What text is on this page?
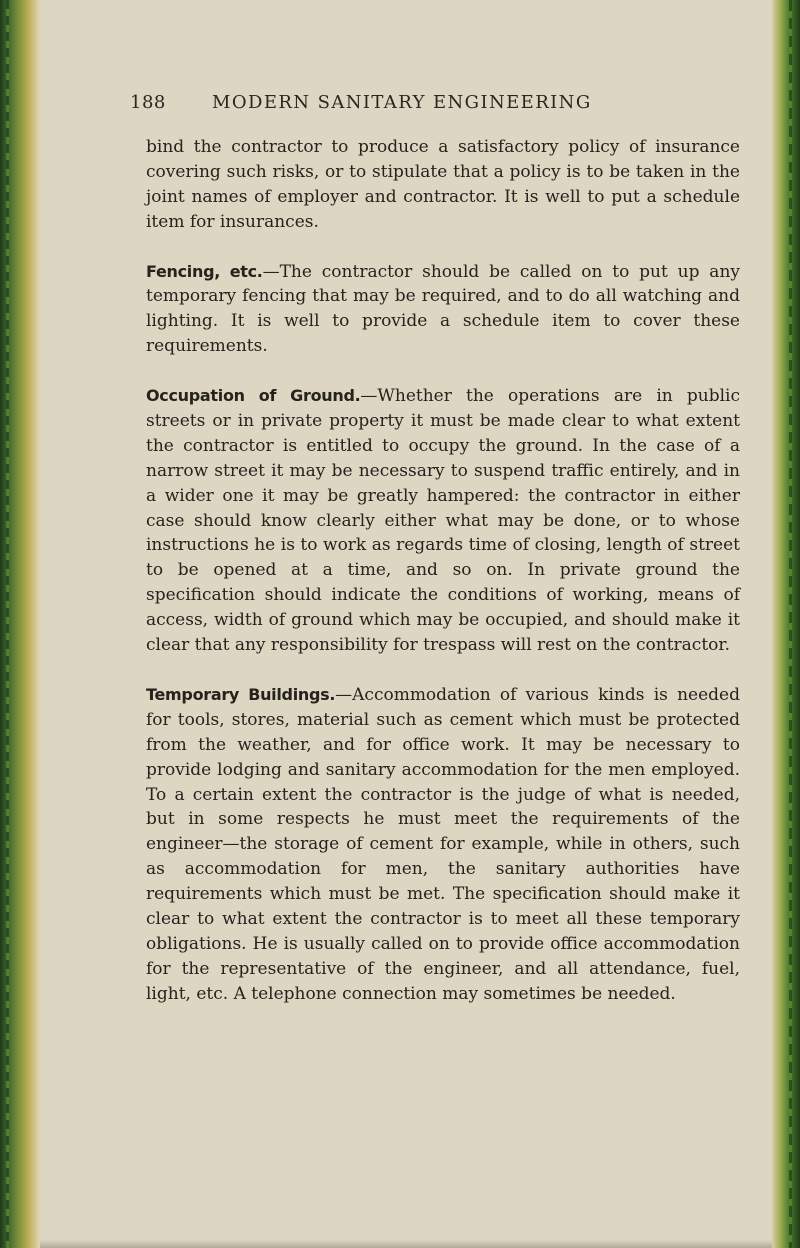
188	MODERN SANITARY ENGINEERING

bind the contractor to produce a satisfactory policy of insurance covering such risks, or to stipulate that a policy is to be taken in the joint names of employer and contractor. It is well to put a schedule item for insurances.

Fencing, etc.—The contractor should be called on to put up any temporary fencing that may be required, and to do all watching and lighting. It is well to provide a schedule item to cover these requirements.

Occupation of Ground.—Whether the operations are in public streets or in private property it must be made clear to what extent the contractor is entitled to occupy the ground. In the case of a narrow street it may be necessary to suspend traffic entirely, and in a wider one it may be greatly hampered: the contractor in either case should know clearly either what may be done, or to whose instructions he is to work as regards time of closing, length of street to be opened at a time, and so on. In private ground the specification should indicate the conditions of working, means of access, width of ground which may be occupied, and should make it clear that any responsibility for trespass will rest on the contractor.

Temporary Buildings.—Accommodation of various kinds is needed for tools, stores, material such as cement which must be protected from the weather, and for office work. It may be necessary to provide lodging and sanitary accommodation for the men employed. To a certain extent the contractor is the judge of what is needed, but in some respects he must meet the requirements of the engineer—the storage of cement for example, while in others, such as accommodation for men, the sanitary authorities have requirements which must be met. The specification should make it clear to what extent the contractor is to meet all these temporary obligations. He is usually called on to provide office accommodation for the representative of the engineer, and all attendance, fuel, light, etc. A telephone connection may sometimes be needed.
